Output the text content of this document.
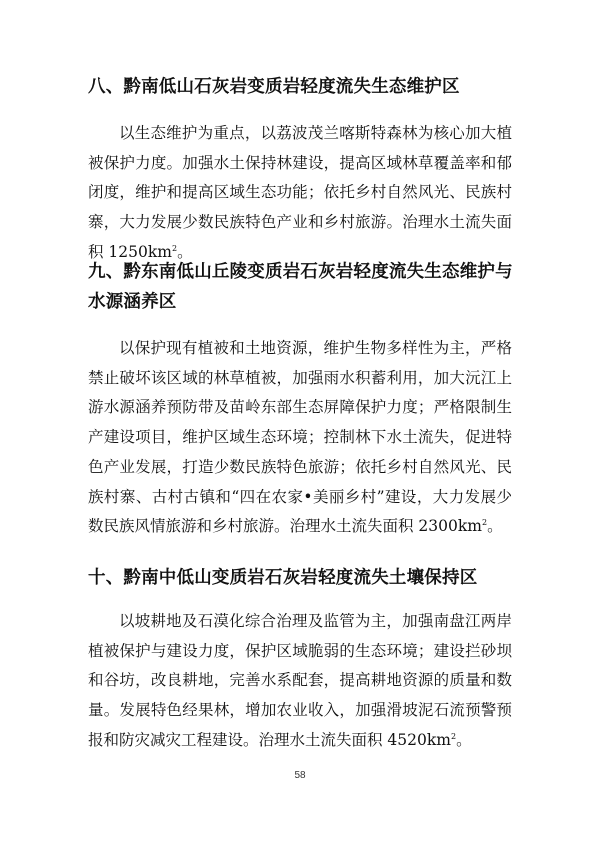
八、黔南低山石灰岩变质岩轻度流失生态维护区

以生态维护为重点，以荔波茂兰喀斯特森林为核心加大植被保护力度。加强水土保持林建设，提高区域林草覆盖率和郁闭度，维护和提高区域生态功能；依托乡村自然风光、民族村寨，大力发展少数民族特色产业和乡村旅游。治理水土流失面积 $1250km^2$。

九、黔东南低山丘陵变质岩石灰岩轻度流失生态维护与水源涵养区

以保护现有植被和土地资源，维护生物多样性为主，严格禁止破坏该区域的林草植被，加强雨水积蓄利用，加大沅江上游水源涵养预防带及苗岭东部生态屏障保护力度；严格限制生产建设项目，维护区域生态环境；控制林下水土流失，促进特色产业发展，打造少数民族特色旅游；依托乡村自然风光、民族村寨、古村古镇和“四在农家•美丽乡村”建设，大力发展少数民族风情旅游和乡村旅游。治理水土流失面积 $2300km^2$。

十、黔南中低山变质岩石灰岩轻度流失土壤保持区

以坡耕地及石漠化综合治理及监管为主，加强南盘江两岸植被保护与建设力度，保护区域脆弱的生态环境；建设拦砂坝和谷坊，改良耕地，完善水系配套，提高耕地资源的质量和数量。发展特色经果林，增加农业收入，加强滑坡泥石流预警预报和防灾减灾工程建设。治理水土流失面积 $4520km^2$。

58
